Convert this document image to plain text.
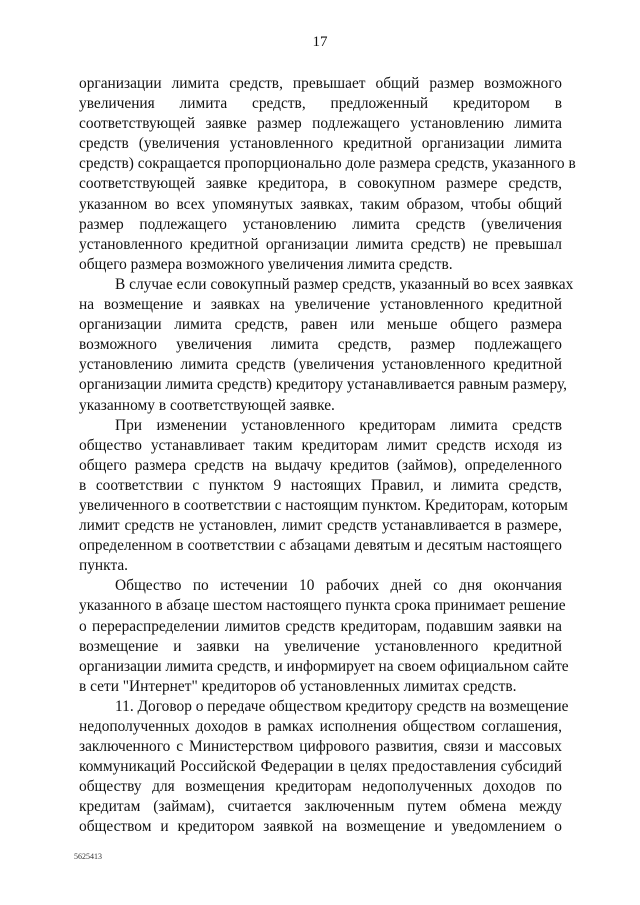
17
организации лимита средств, превышает общий размер возможного
увеличения лимита средств, предложенный кредитором в
соответствующей заявке размер подлежащего установлению лимита
средств (увеличения установленного кредитной организации лимита
средств) сокращается пропорционально доле размера средств, указанного в
соответствующей заявке кредитора, в совокупном размере средств,
указанном во всех упомянутых заявках, таким образом, чтобы общий
размер подлежащего установлению лимита средств (увеличения
установленного кредитной организации лимита средств) не превышал
общего размера возможного увеличения лимита средств.
В случае если совокупный размер средств, указанный во всех заявках
на возмещение и заявках на увеличение установленного кредитной
организации лимита средств, равен или меньше общего размера
возможного увеличения лимита средств, размер подлежащего
установлению лимита средств (увеличения установленного кредитной
организации лимита средств) кредитору устанавливается равным размеру,
указанному в соответствующей заявке.
При изменении установленного кредиторам лимита средств
общество устанавливает таким кредиторам лимит средств исходя из
общего размера средств на выдачу кредитов (займов), определенного
в соответствии с пунктом 9 настоящих Правил, и лимита средств,
увеличенного в соответствии с настоящим пунктом. Кредиторам, которым
лимит средств не установлен, лимит средств устанавливается в размере,
определенном в соответствии с абзацами девятым и десятым настоящего
пункта.
Общество по истечении 10 рабочих дней со дня окончания
указанного в абзаце шестом настоящего пункта срока принимает решение
о перераспределении лимитов средств кредиторам, подавшим заявки на
возмещение и заявки на увеличение установленного кредитной
организации лимита средств, и информирует на своем официальном сайте
в сети "Интернет" кредиторов об установленных лимитах средств.
11. Договор о передаче обществом кредитору средств на возмещение
недополученных доходов в рамках исполнения обществом соглашения,
заключенного с Министерством цифрового развития, связи и массовых
коммуникаций Российской Федерации в целях предоставления субсидий
обществу для возмещения кредиторам недополученных доходов по
кредитам (займам), считается заключенным путем обмена между
обществом и кредитором заявкой на возмещение и уведомлением о
5625413
